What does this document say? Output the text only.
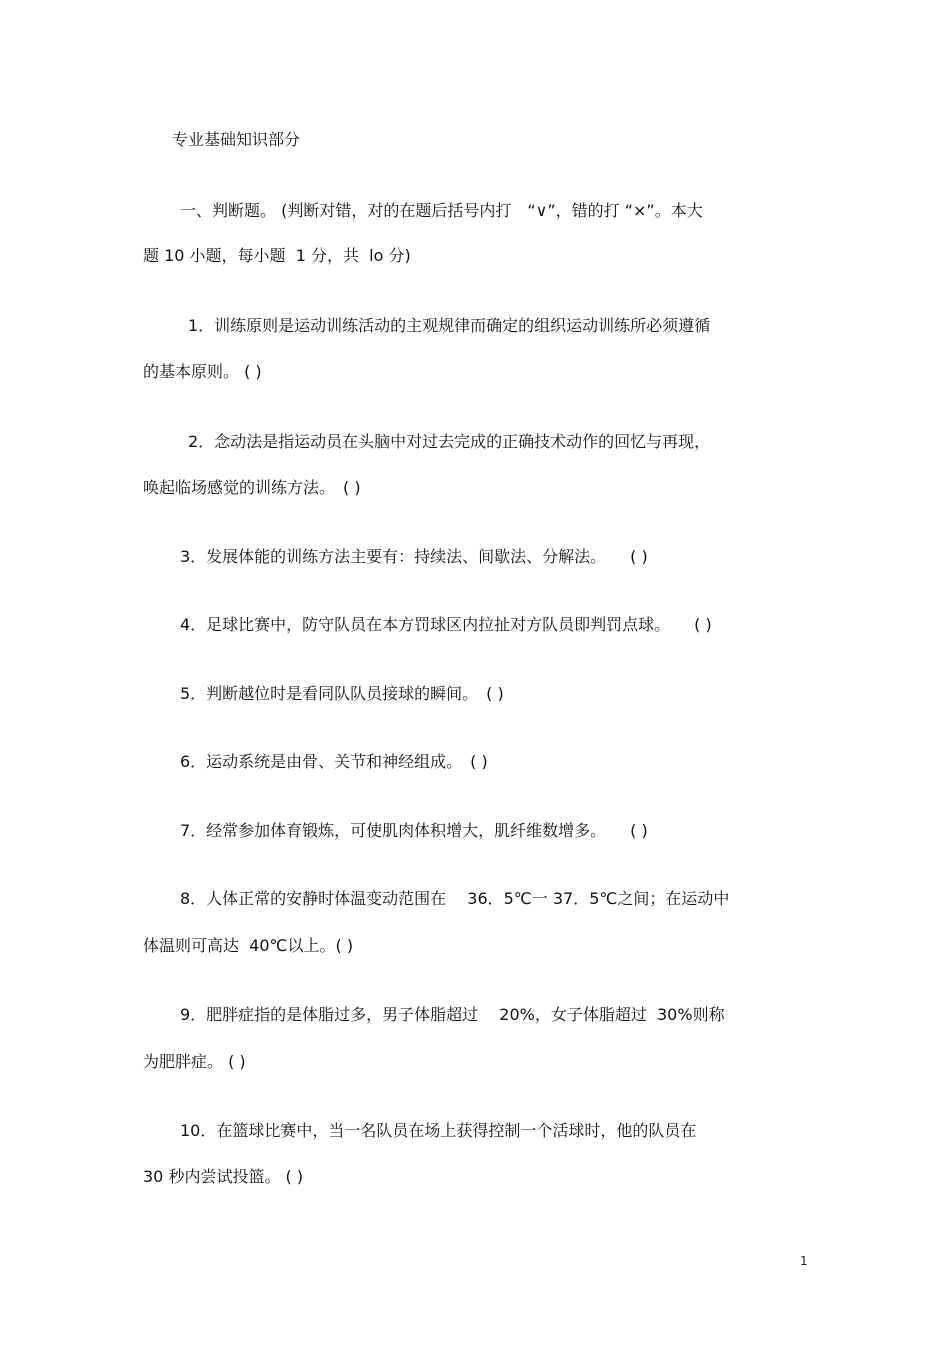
专业基础知识部分
一、判断题。 (判断对错，对的在题后括号内打　“∨”，错的打 “×”。本大
题 10 小题，每小题  1 分，共  lo 分)
1．训练原则是运动训练活动的主观规律而确定的组织运动训练所必须遵循
的基本原则。 ( )
2．念动法是指运动员在头脑中对过去完成的正确技术动作的回忆与再现，
唤起临场感觉的训练方法。　( )
3．发展体能的训练方法主要有：持续法、间歇法、分解法。　　( )
4．足球比赛中，防守队员在本方罚球区内拉扯对方队员即判罚点球。　　( )
5．判断越位时是看同队队员接球的瞬间。　( )
6．运动系统是由骨、关节和神经组成。　( )
7．经常参加体育锻炼，可使肌肉体积增大，肌纤维数增多。　　( )
8．人体正常的安静时体温变动范围在　 36．5℃一 37．5℃之间；在运动中
体温则可高达  40℃以上。( )
9．肥胖症指的是体脂过多，男子体脂超过　 20%，女子体脂超过  30%则称
为肥胖症。 ( )
10．在篮球比赛中，当一名队员在场上获得控制一个活球时，他的队员在
30 秒内尝试投篮。 ( )
1
